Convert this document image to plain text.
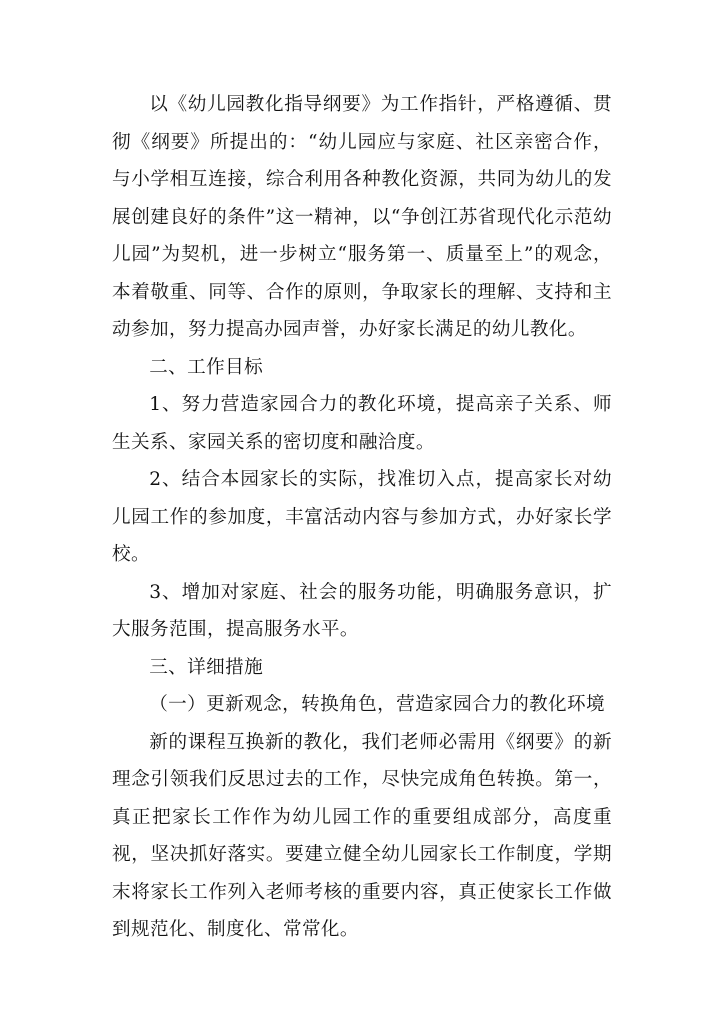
以《幼儿园教化指导纲要》为工作指针，严格遵循、贯彻《纲要》所提出的：“幼儿园应与家庭、社区亲密合作，与小学相互连接，综合利用各种教化资源，共同为幼儿的发展创建良好的条件”这一精神，以“争创江苏省现代化示范幼儿园”为契机，进一步树立“服务第一、质量至上”的观念，本着敬重、同等、合作的原则，争取家长的理解、支持和主动参加，努力提高办园声誉，办好家长满足的幼儿教化。

二、工作目标

1、努力营造家园合力的教化环境，提高亲子关系、师生关系、家园关系的密切度和融洽度。

2、结合本园家长的实际，找准切入点，提高家长对幼儿园工作的参加度，丰富活动内容与参加方式，办好家长学校。

3、增加对家庭、社会的服务功能，明确服务意识，扩大服务范围，提高服务水平。

三、详细措施

（一）更新观念，转换角色，营造家园合力的教化环境

新的课程互换新的教化，我们老师必需用《纲要》的新理念引领我们反思过去的工作，尽快完成角色转换。第一，真正把家长工作作为幼儿园工作的重要组成部分，高度重视，坚决抓好落实。要建立健全幼儿园家长工作制度，学期末将家长工作列入老师考核的重要内容，真正使家长工作做到规范化、制度化、常常化。
